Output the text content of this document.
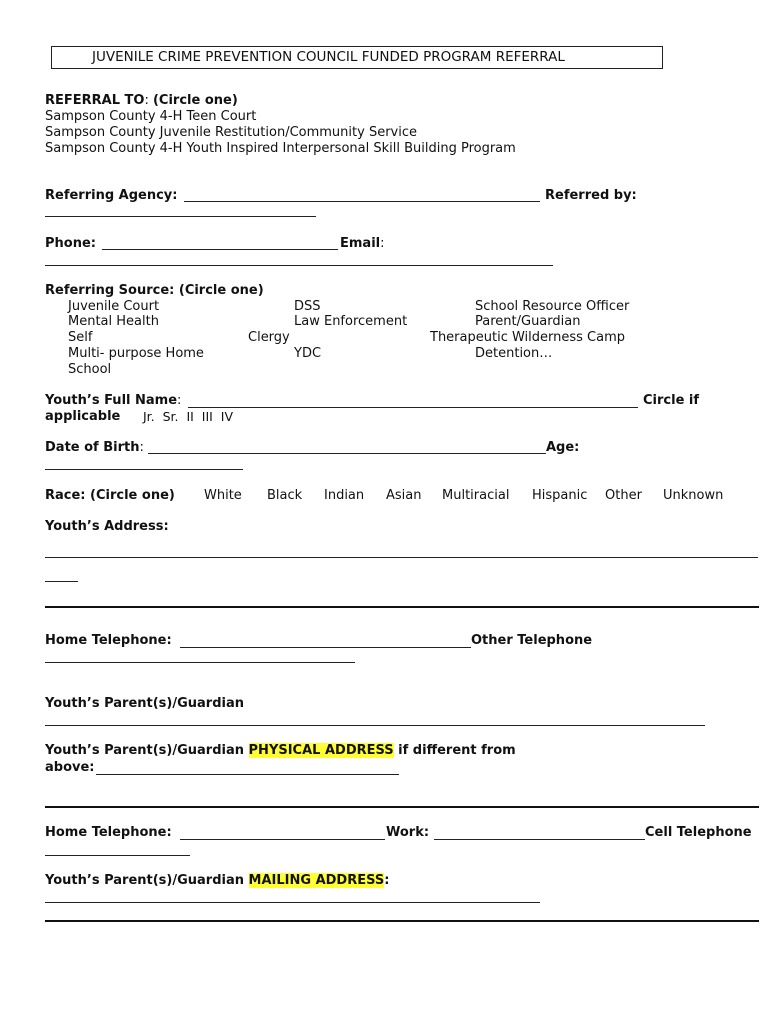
JUVENILE CRIME PREVENTION COUNCIL FUNDED PROGRAM REFERRAL
REFERRAL TO: (Circle one)
Sampson County 4-H Teen Court
Sampson County Juvenile Restitution/Community Service
Sampson County 4-H Youth Inspired Interpersonal Skill Building Program
Referring Agency:	Referred by:
Phone:	Email:
Referring Source: (Circle one)
Juvenile Court	DSS	School Resource Officer
Mental Health	Law Enforcement	Parent/Guardian
Self	Clergy	Therapeutic Wilderness Camp
Multi- purpose Home	YDC	Detention…
School
Youth’s Full Name:	Circle if
applicable Jr.  Sr.  II  III  IV
Date of Birth:	Age:
Race: (Circle one) White Black Indian Asian Multiracial Hispanic Other Unknown
Youth’s Address:
Home Telephone:	Other Telephone
Youth’s Parent(s)/Guardian
Youth’s Parent(s)/Guardian PHYSICAL ADDRESS if different from
above:
Home Telephone:	Work:	Cell Telephone
Youth’s Parent(s)/Guardian MAILING ADDRESS:
